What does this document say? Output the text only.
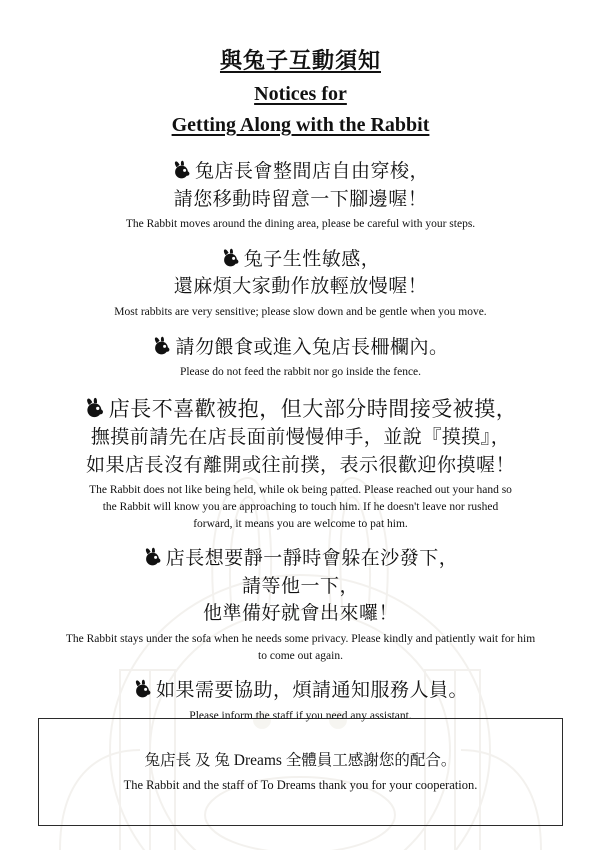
與兔子互動須知
Notices for
Getting Along with the Rabbit
兔店長會整間店自由穿梭，
請您移動時留意一下腳邊喔！
The Rabbit moves around the dining area, please be careful with your steps.
兔子生性敏感，
還麻煩大家動作放輕放慢喔！
Most rabbits are very sensitive; please slow down and be gentle when you move.
請勿餵食或進入兔店長柵欄內。
Please do not feed the rabbit nor go inside the fence.
店長不喜歡被抱，但大部分時間接受被摸，
撫摸前請先在店長面前慢慢伸手，並說『摸摸』，
如果店長沒有離開或往前撲，表示很歡迎你摸喔！
The Rabbit does not like being held, while ok being patted. Please reached out your hand so the Rabbit will know you are approaching to touch him. If he doesn't leave nor rushed forward, it means you are welcome to pat him.
店長想要靜一靜時會躲在沙發下，
請等他一下，
他準備好就會出來囉！
The Rabbit stays under the sofa when he needs some privacy. Please kindly and patiently wait for him to come out again.
如果需要協助，煩請通知服務人員。
Please inform the staff if you need any assistant.
兔店長 及 兔 Dreams 全體員工感謝您的配合。
The Rabbit and the staff of To Dreams thank you for your cooperation.
